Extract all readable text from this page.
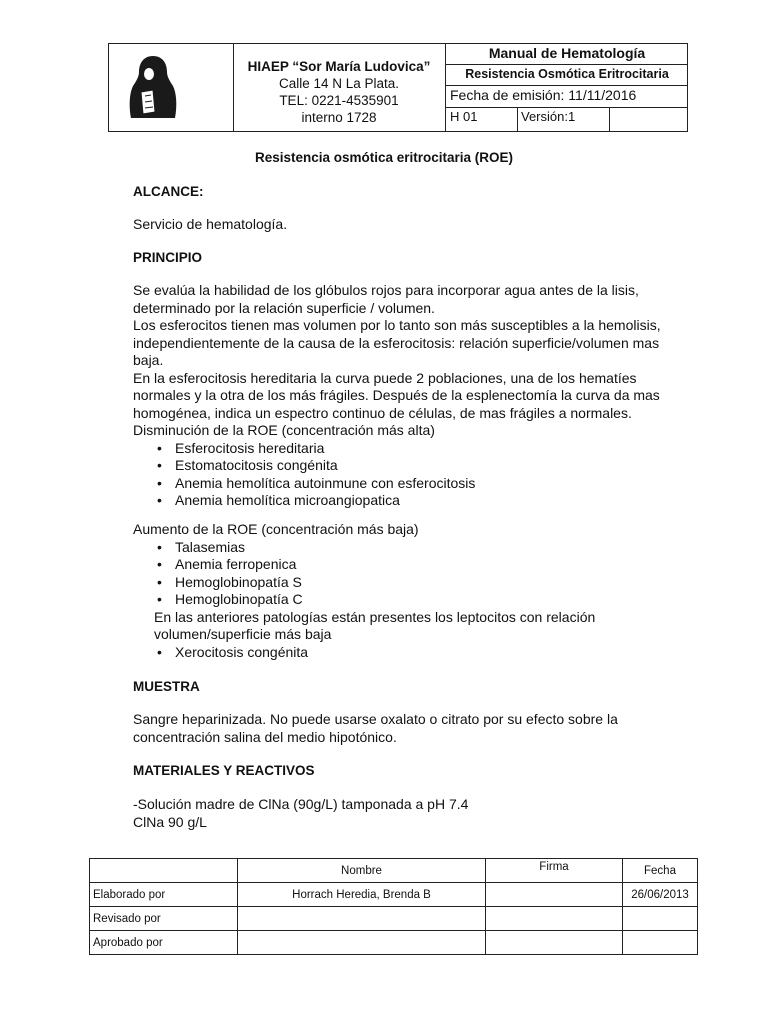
HIAEP “Sor María Ludovica”
Calle 14 N La Plata.
TEL: 0221-4535901
interno 1728
Manual de Hematología
Resistencia Osmótica Eritrocitaria
Fecha de emisión: 11/11/2016
H 01	Versión:1
Resistencia osmótica eritrocitaria (ROE)
ALCANCE:
Servicio de hematología.
PRINCIPIO
Se evalúa la habilidad de los glóbulos rojos para incorporar agua antes de la lisis,
determinado por la relación superficie / volumen.
Los esferocitos tienen mas volumen por lo tanto son más susceptibles a la hemolisis,
independientemente de la causa de la esferocitosis: relación superficie/volumen mas
baja.
En la esferocitosis hereditaria la curva puede 2 poblaciones, una de los hematíes
normales y la otra de los más frágiles. Después de la esplenectomía la curva da mas
homogénea, indica un espectro continuo de células, de mas frágiles a normales.
Disminución de la ROE (concentración más alta)
• Esferocitosis hereditaria
• Estomatocitosis congénita
• Anemia hemolítica autoinmune con esferocitosis
• Anemia hemolítica microangiopatica
Aumento de la ROE (concentración más baja)
• Talasemias
• Anemia ferropenica
• Hemoglobinopatía S
• Hemoglobinopatía C
En las anteriores patologías están presentes los leptocitos con relación
volumen/superficie más baja
• Xerocitosis congénita
MUESTRA
Sangre heparinizada. No puede usarse oxalato o citrato por su efecto sobre la
concentración salina del medio hipotónico.
MATERIALES Y REACTIVOS
-Solución madre de ClNa (90g/L) tamponada a pH 7.4
ClNa 90 g/L
	Nombre	Firma	Fecha
Elaborado por	Horrach Heredia, Brenda B		26/06/2013
Revisado por			
Aprobado por			
